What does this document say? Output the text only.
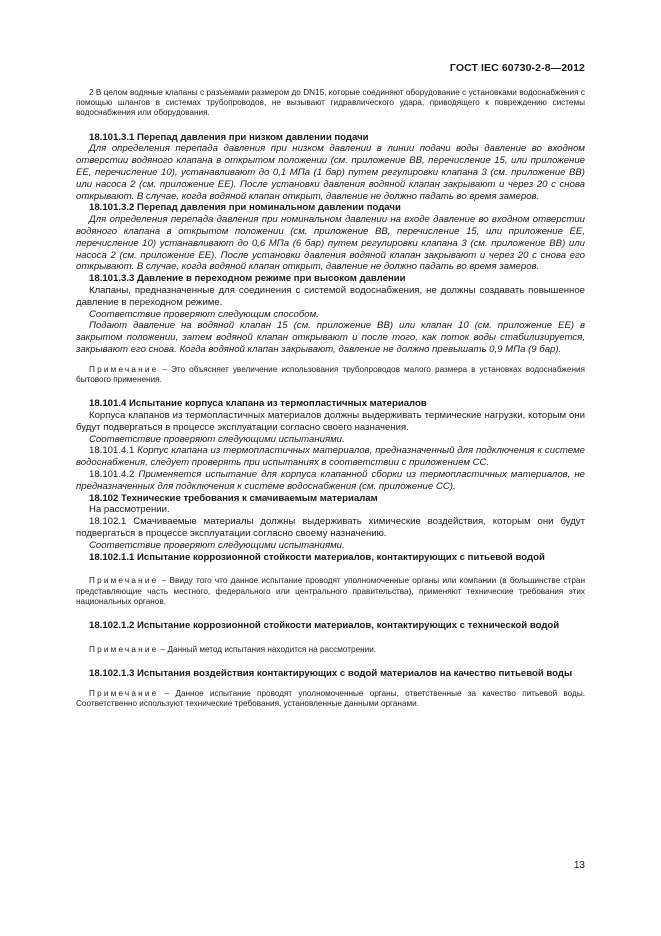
ГОСТ IEC 60730-2-8—2012

2 В целом водяные клапаны с разъемами размером до DN15, которые соединяют оборудование с установками водоснабжения с помощью шлангов в системах трубопроводов, не вызывают гидравлического удара, приводящего к повреждению системы водоснабжения или оборудования.

18.101.3.1 Перепад давления при низком давлении подачи

Для определения перепада давления при низком давлении в линии подачи воды давление во входном отверстии водяного клапана в открытом положении (см. приложение ВВ, перечисление 15, или приложение ЕЕ, перечисление 10), устанавливают до 0,1 МПа (1 бар) путем регулировки клапана 3 (см. приложение ВВ) или насоса 2 (см. приложение ЕЕ). После установки давления водяной клапан закрывают и через 20 с снова открывают. В случае, когда водяной клапан открыт, давление не должно падать во время замеров.

18.101.3.2 Перепад давления при номинальном давлении подачи

Для определения перепада давления при номинальном давлении на входе давление во входном отверстии водяного клапана в открытом положении (см. приложение ВВ, перечисление 15, или приложение ЕЕ, перечисление 10) устанавливают до 0,6 МПа (6 бар) путем регулировки клапана 3 (см. приложение ВВ) или насоса 2 (см. приложение ЕЕ). После установки давления водяной клапан закрывают и через 20 с снова его открывают. В случае, когда водяной клапан открыт, давление не должно падать во время замеров.

18.101.3.3 Давление в переходном режиме при высоком давлении

Клапаны, предназначенные для соединения с системой водоснабжения, не должны создавать повышенное давление в переходном режиме.

Соответствие проверяют следующим способом.

Подают давление на водяной клапан 15 (см. приложение ВВ) или клапан 10 (см. приложение ЕЕ) в закрытом положении, затем водяной клапан открывают и после того, как поток воды стабилизируется, закрывают его снова. Когда водяной клапан закрывают, давление не должно превышать 0,9 МПа (9 бар).

Примечание – Это объясняет увеличение использования трубопроводов малого размера в установках водоснабжения бытового применения.

18.101.4 Испытание корпуса клапана из термопластичных материалов

Корпуса клапанов из термопластичных материалов должны выдерживать термические нагрузки, которым они будут подвергаться в процессе эксплуатации согласно своего назначения.

Соответствие проверяют следующими испытаниями.

18.101.4.1 Корпус клапана из термопластичных материалов, предназначенный для подключения к системе водоснабжения, следует проверять при испытаниях в соответствии с приложением СС.

18.101.4.2 Применяется испытание для корпуса клапанной сборки из термопластичных материалов, не предназначенных для подключения к системе водоснабжения (см. приложение СС).

18.102 Технические требования к смачиваемым материалам

На рассмотрении.

18.102.1 Смачиваемые материалы должны выдерживать химические воздействия, которым они будут подвергаться в процессе эксплуатации согласно своему назначению.

Соответствие проверяют следующими испытаниями.

18.102.1.1 Испытание коррозионной стойкости материалов, контактирующих с питьевой водой

Примечание – Ввиду того что данное испытание проводят уполномоченные органы или компании (в большинстве стран представляющие часть местного, федерального или центрального правительства), применяют технические требования этих национальных органов.

18.102.1.2 Испытание коррозионной стойкости материалов, контактирующих с технической водой

Примечание – Данный метод испытания находится на рассмотрении.

18.102.1.3 Испытания воздействия контактирующих с водой материалов на качество питьевой воды

Примечание – Данное испытание проводят уполномоченные органы, ответственные за качество питьевой воды. Соответственно используют технические требования, установленные данными органами.

13
